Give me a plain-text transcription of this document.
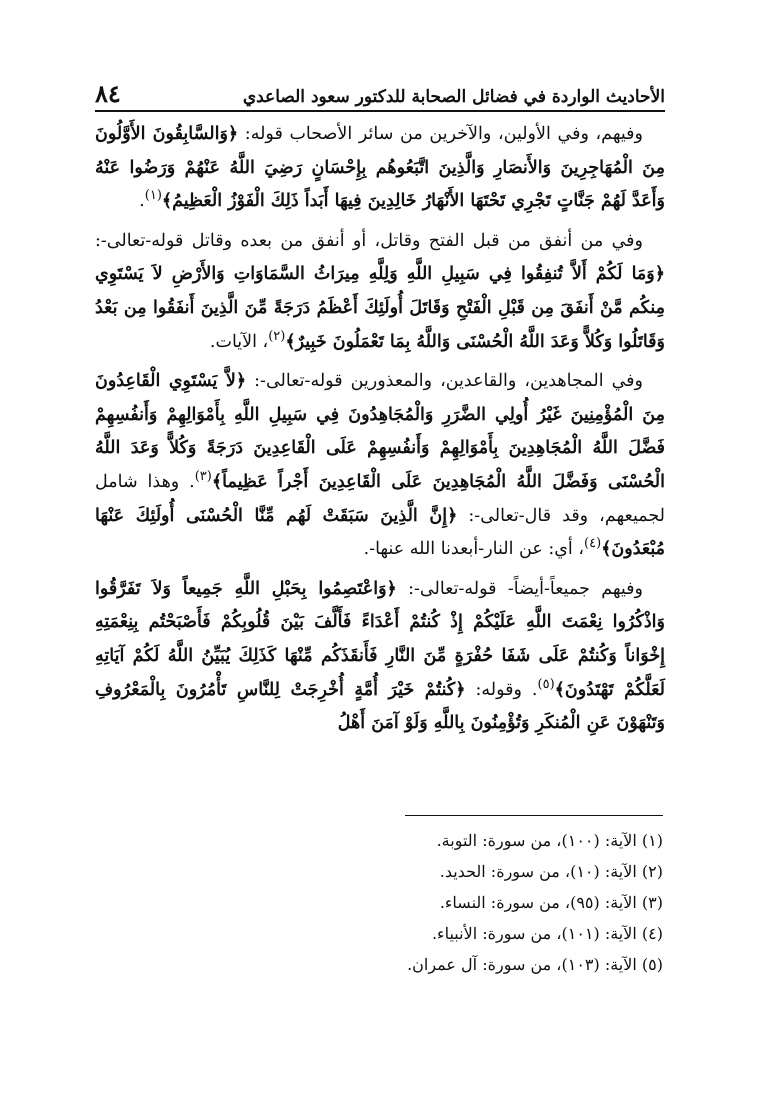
الأحاديث الواردة في فضائل الصحابة للدكتور سعود الصاعدي
٨٤

وفيهم، وفي الأولين، والآخرين من سائر الأصحاب قوله: ﴿وَالسَّابِقُونَ الأَوَّلُونَ مِنَ الْمُهَاجِرِينَ وَالأَنصَارِ وَالَّذِينَ اتَّبَعُوهُم بِإِحْسَانٍ رَضِيَ اللَّهُ عَنْهُمْ وَرَضُوا عَنْهُ وَأَعَدَّ لَهُمْ جَنَّاتٍ تَجْرِي تَحْتَهَا الأَنْهَارُ خَالِدِينَ فِيهَا أَبَداً ذَلِكَ الْفَوْزُ الْعَظِيمُ﴾$^{(١)}$.

وفي من أنفق من قبل الفتح وقاتل، أو أنفق من بعده وقاتل قوله-تعالى-: ﴿وَمَا لَكُمْ أَلاَّ تُنفِقُوا فِي سَبِيلِ اللَّهِ وَلِلَّهِ مِيرَاثُ السَّمَاوَاتِ وَالأَرْضِ لاَ يَسْتَوِي مِنكُم مَّنْ أَنفَقَ مِن قَبْلِ الْفَتْحِ وَقَاتَلَ أُولَئِكَ أَعْظَمُ دَرَجَةً مِّنَ الَّذِينَ أَنفَقُوا مِن بَعْدُ وَقَاتَلُوا وَكُلاًّ وَعَدَ اللَّهُ الْحُسْنَى وَاللَّهُ بِمَا تَعْمَلُونَ خَبِيرٌ﴾$^{(٢)}$، الآيات.

وفي المجاهدين، والقاعدين، والمعذورين قوله-تعالى-: ﴿لاَّ يَسْتَوِي الْقَاعِدُونَ مِنَ الْمُؤْمِنِينَ غَيْرُ أُولِي الضَّرَرِ وَالْمُجَاهِدُونَ فِي سَبِيلِ اللَّهِ بِأَمْوَالِهِمْ وَأَنفُسِهِمْ فَضَّلَ اللَّهُ الْمُجَاهِدِينَ بِأَمْوَالِهِمْ وَأَنفُسِهِمْ عَلَى الْقَاعِدِينَ دَرَجَةً وَكُلاًّ وَعَدَ اللَّهُ الْحُسْنَى وَفَضَّلَ اللَّهُ الْمُجَاهِدِينَ عَلَى الْقَاعِدِينَ أَجْراً عَظِيماً﴾$^{(٣)}$. وهذا شامل لجميعهم، وقد قال-تعالى-: ﴿إِنَّ الَّذِينَ سَبَقَتْ لَهُم مِّنَّا الْحُسْنَى أُولَئِكَ عَنْهَا مُبْعَدُونَ﴾$^{(٤)}$، أي: عن النار-أبعدنا الله عنها-.

وفيهم جميعاً-أيضاً- قوله-تعالى-: ﴿وَاعْتَصِمُوا بِحَبْلِ اللَّهِ جَمِيعاً وَلاَ تَفَرَّقُوا وَاذْكُرُوا نِعْمَتَ اللَّهِ عَلَيْكُمْ إِذْ كُنتُمْ أَعْدَاءً فَأَلَّفَ بَيْنَ قُلُوبِكُمْ فَأَصْبَحْتُم بِنِعْمَتِهِ إِخْوَاناً وَكُنتُمْ عَلَى شَفَا حُفْرَةٍ مِّنَ النَّارِ فَأَنقَذَكُم مِّنْهَا كَذَلِكَ يُبَيِّنُ اللَّهُ لَكُمْ آيَاتِهِ لَعَلَّكُمْ تَهْتَدُونَ﴾$^{(٥)}$. وقوله: ﴿كُنتُمْ خَيْرَ أُمَّةٍ أُخْرِجَتْ لِلنَّاسِ تَأْمُرُونَ بِالْمَعْرُوفِ وَتَنْهَوْنَ عَنِ الْمُنكَرِ وَتُؤْمِنُونَ بِاللَّهِ وَلَوْ آمَنَ أَهْلُ

(١) الآية: (١٠٠)، من سورة: التوبة.
(٢) الآية: (١٠)، من سورة: الحديد.
(٣) الآية: (٩٥)، من سورة: النساء.
(٤) الآية: (١٠١)، من سورة: الأنبياء.
(٥) الآية: (١٠٣)، من سورة: آل عمران.
